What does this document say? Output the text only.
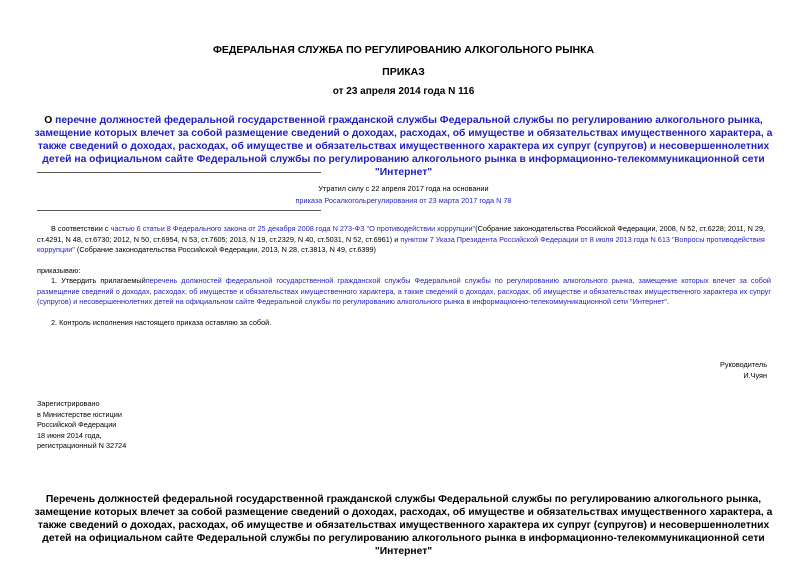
ФЕДЕРАЛЬНАЯ СЛУЖБА ПО РЕГУЛИРОВАНИЮ АЛКОГОЛЬНОГО РЫНКА
ПРИКАЗ
от 23 апреля 2014 года N 116
О перечне должностей федеральной государственной гражданской службы Федеральной службы по регулированию алкогольного рынка, замещение которых влечет за собой размещение сведений о доходах, расходах, об имуществе и обязательствах имущественного характера, а также сведений о доходах, расходах, об имуществе и обязательствах имущественного характера их супруг (супругов) и несовершеннолетних детей на официальном сайте Федеральной службы по регулированию алкогольного рынка в информационно-телекоммуникационной сети "Интернет"
Утратил силу с 22 апреля 2017 года на основании
приказа Росалкогольрегулирования от 23 марта 2017 года N 78
В соответствии с частью 6 статьи 8 Федерального закона от 25 декабря 2008 года N 273-ФЗ "О противодействии коррупции"(Собрание законодательства Российской Федерации, 2008, N 52, ст.6228; 2011, N 29, ст.4291, N 48, ст.6730; 2012, N 50, ст.6954, N 53, ст.7605; 2013, N 19, ст.2329, N 40, ст.5031, N 52, ст.6961) и пунктом 7 Указа Президента Российской Федерации от 8 июля 2013 года N 613 "Вопросы противодействия коррупции" (Собрание законодательства Российской Федерации, 2013, N 28, ст.3813, N 49, ст.6399)
приказываю:
1. Утвердить прилагаемыйперечень должностей федеральной государственной гражданской службы Федеральной службы по регулированию алкогольного рынка, замещение которых влечет за собой размещение сведений о доходах, расходах, об имуществе и обязательствах имущественного характера, а также сведений о доходах, расходах, об имуществе и обязательствах имущественного характера их супруг (супругов) и несовершеннолетних детей на официальном сайте Федеральной службы по регулированию алкогольного рынка в информационно-телекоммуникационной сети "Интернет".
2. Контроль исполнения настоящего приказа оставляю за собой.
Руководитель
И.Чуян
Зарегистрировано
в Министерстве юстиции
Российской Федерации
18 июня 2014 года,
регистрационный N 32724
Перечень должностей федеральной государственной гражданской службы Федеральной службы по регулированию алкогольного рынка, замещение которых влечет за собой размещение сведений о доходах, расходах, об имуществе и обязательствах имущественного характера, а также сведений о доходах, расходах, об имуществе и обязательствах имущественного характера их супруг (супругов) и несовершеннолетних детей на официальном сайте Федеральной службы по регулированию алкогольного рынка в информационно-телекоммуникационной сети "Интернет"
